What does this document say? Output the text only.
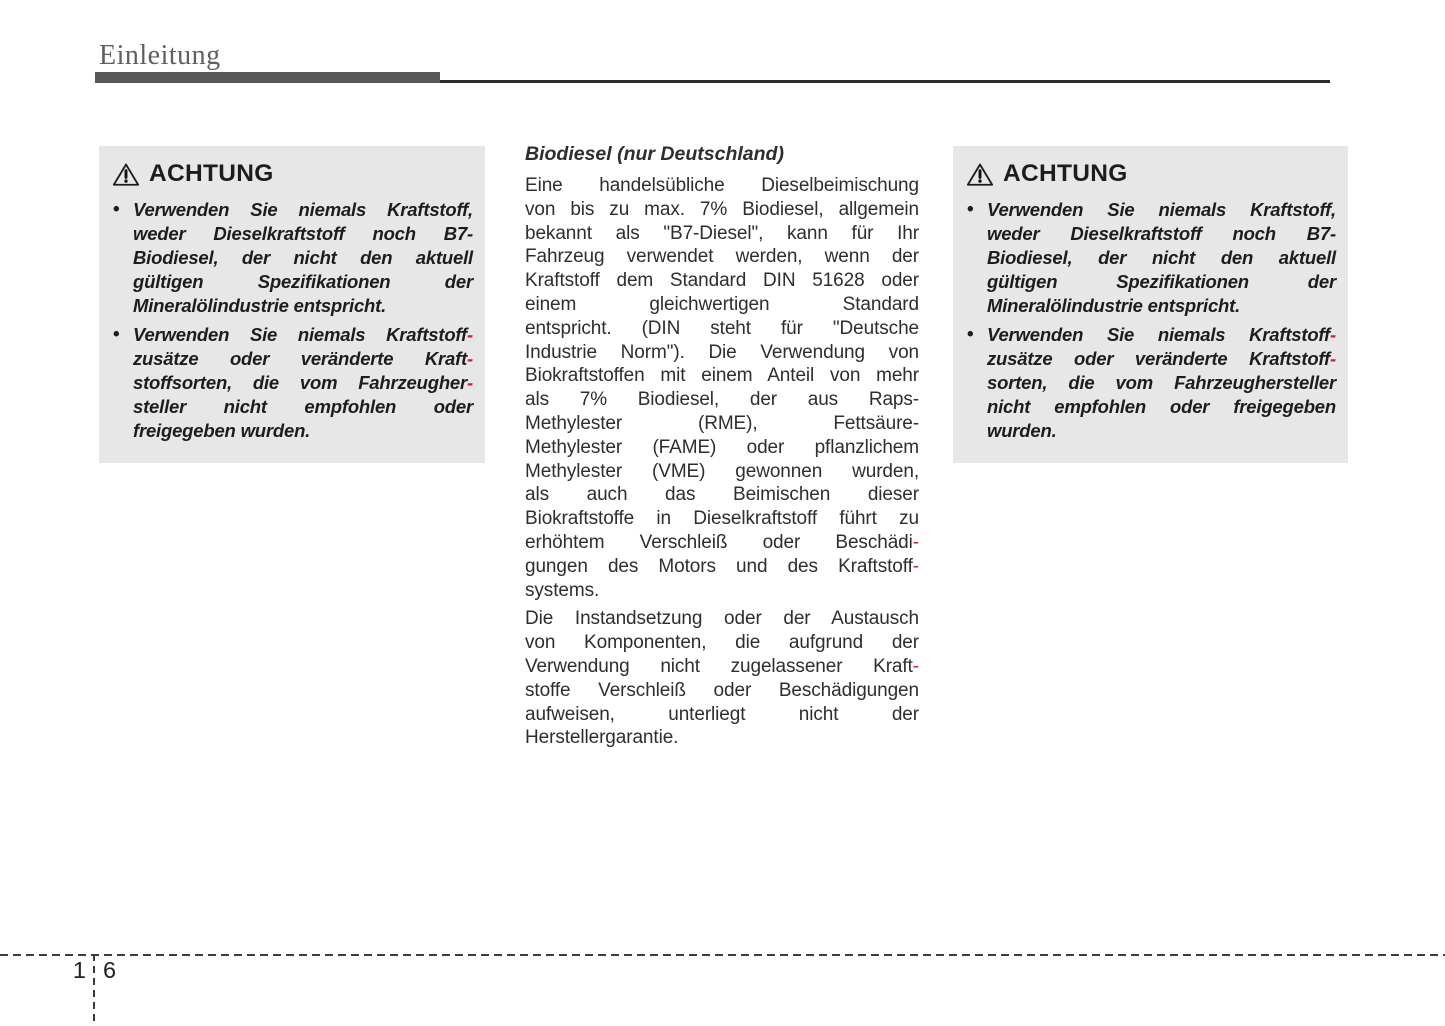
Einleitung
ACHTUNG
• Verwenden Sie niemals Kraftstoff,
weder Dieselkraftstoff noch B7-
Biodiesel, der nicht den aktuell
gültigen Spezifikationen der
Mineralölindustrie entspricht.
• Verwenden Sie niemals Kraftstoff-
zusätze oder veränderte Kraft-
stoffsorten, die vom Fahrzeugher-
steller nicht empfohlen oder
freigegeben wurden.
Biodiesel (nur Deutschland)
Eine handelsübliche Dieselbeimischung
von bis zu max. 7% Biodiesel, allgemein
bekannt als "B7-Diesel", kann für Ihr
Fahrzeug verwendet werden, wenn der
Kraftstoff dem Standard DIN 51628 oder
einem gleichwertigen Standard
entspricht. (DIN steht für "Deutsche
Industrie Norm"). Die Verwendung von
Biokraftstoffen mit einem Anteil von mehr
als 7% Biodiesel, der aus Raps-
Methylester (RME), Fettsäure-
Methylester (FAME) oder pflanzlichem
Methylester (VME) gewonnen wurden,
als auch das Beimischen dieser
Biokraftstoffe in Dieselkraftstoff führt zu
erhöhtem Verschleiß oder Beschädi-
gungen des Motors und des Kraftstoff-
systems.
Die Instandsetzung oder der Austausch
von Komponenten, die aufgrund der
Verwendung nicht zugelassener Kraft-
stoffe Verschleiß oder Beschädigungen
aufweisen, unterliegt nicht der
Herstellergarantie.
ACHTUNG
• Verwenden Sie niemals Kraftstoff,
weder Dieselkraftstoff noch B7-
Biodiesel, der nicht den aktuell
gültigen Spezifikationen der
Mineralölindustrie entspricht.
• Verwenden Sie niemals Kraftstoff-
zusätze oder veränderte Kraftstoff-
sorten, die vom Fahrzeughersteller
nicht empfohlen oder freigegeben
wurden.
1 6
